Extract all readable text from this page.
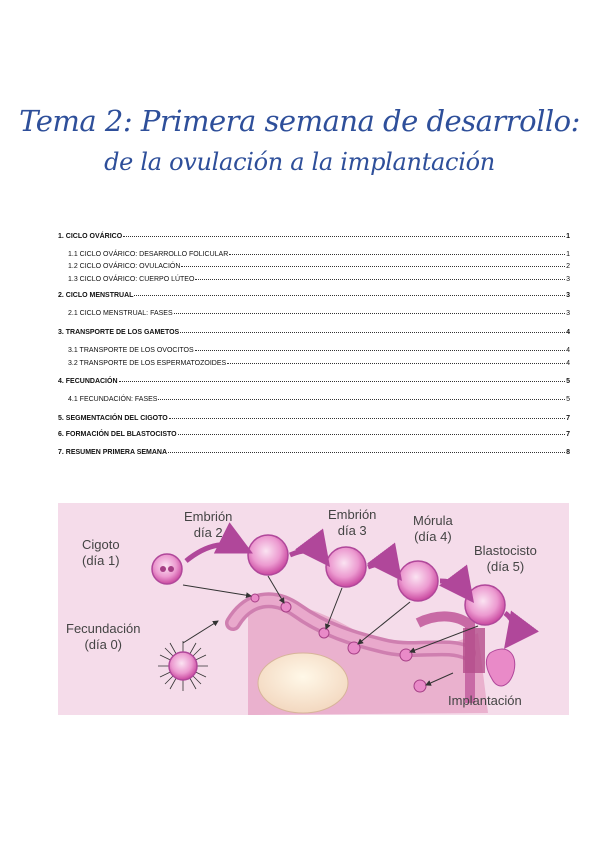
Tema 2: Primera semana de desarrollo:
de la ovulación a la implantación
1. CICLO OVÁRICO	1
1.1 CICLO OVÁRICO: DESARROLLO FOLICULAR	1
1.2 CICLO OVÁRICO: OVULACIÓN	2
1.3 CICLO OVÁRICO: CUERPO LÚTEO	3
2. CICLO MENSTRUAL	3
2.1 CICLO MENSTRUAL: FASES	3
3. TRANSPORTE DE LOS GAMETOS	4
3.1 TRANSPORTE DE LOS OVOCITOS	4
3.2 TRANSPORTE DE LOS ESPERMATOZOIDES	4
4. FECUNDACIÓN	5
4.1 FECUNDACIÓN: FASES	5
5. SEGMENTACIÓN DEL CIGOTO	7
6. FORMACIÓN DEL BLASTOCISTO	7
7. RESUMEN PRIMERA SEMANA	8
Cigoto
(día 1)
Embrión
día 2
Embrión
día 3
Mórula
(día 4)
Blastocisto
(día 5)
Fecundación
(día 0)
Implantación
